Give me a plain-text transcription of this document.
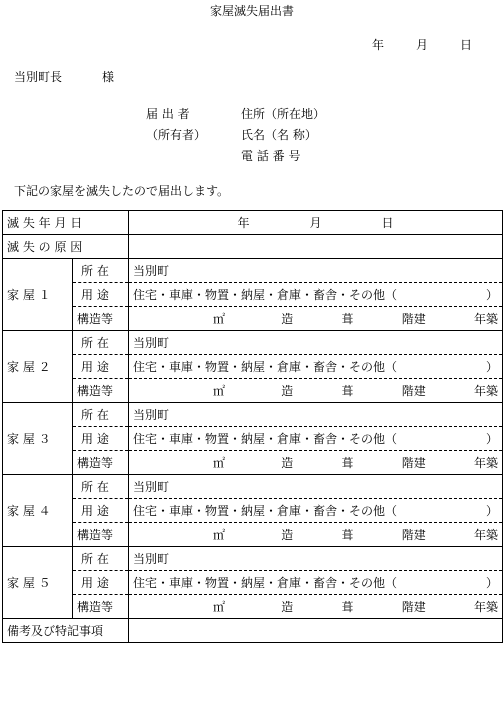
家屋滅失届出書
年	月	日
当別町長	様
届 出 者	住所（所在地）
（所有者）	氏名（名 称）
電 話 番 号
下記の家屋を滅失したので届出します。
滅 失 年 月 日		年 月 日

滅 失 の 原 因		
家 屋 １	所 在	当別町

	用 途	住宅・車庫・物置・納屋・倉庫・畜舎・その他（ ）

	構造等	㎡ 造 葺 階建 年築

家 屋 ２	所 在	当別町

	用 途	住宅・車庫・物置・納屋・倉庫・畜舎・その他（ ）

	構造等	㎡ 造 葺 階建 年築

家 屋 ３	所 在	当別町

	用 途	住宅・車庫・物置・納屋・倉庫・畜舎・その他（ ）

	構造等	㎡ 造 葺 階建 年築

家 屋 ４	所 在	当別町

	用 途	住宅・車庫・物置・納屋・倉庫・畜舎・その他（ ）

	構造等	㎡ 造 葺 階建 年築

家 屋 ５	所 在	当別町

	用 途	住宅・車庫・物置・納屋・倉庫・畜舎・その他（ ）

	構造等	㎡ 造 葺 階建 年築

備考及び特記事項		
